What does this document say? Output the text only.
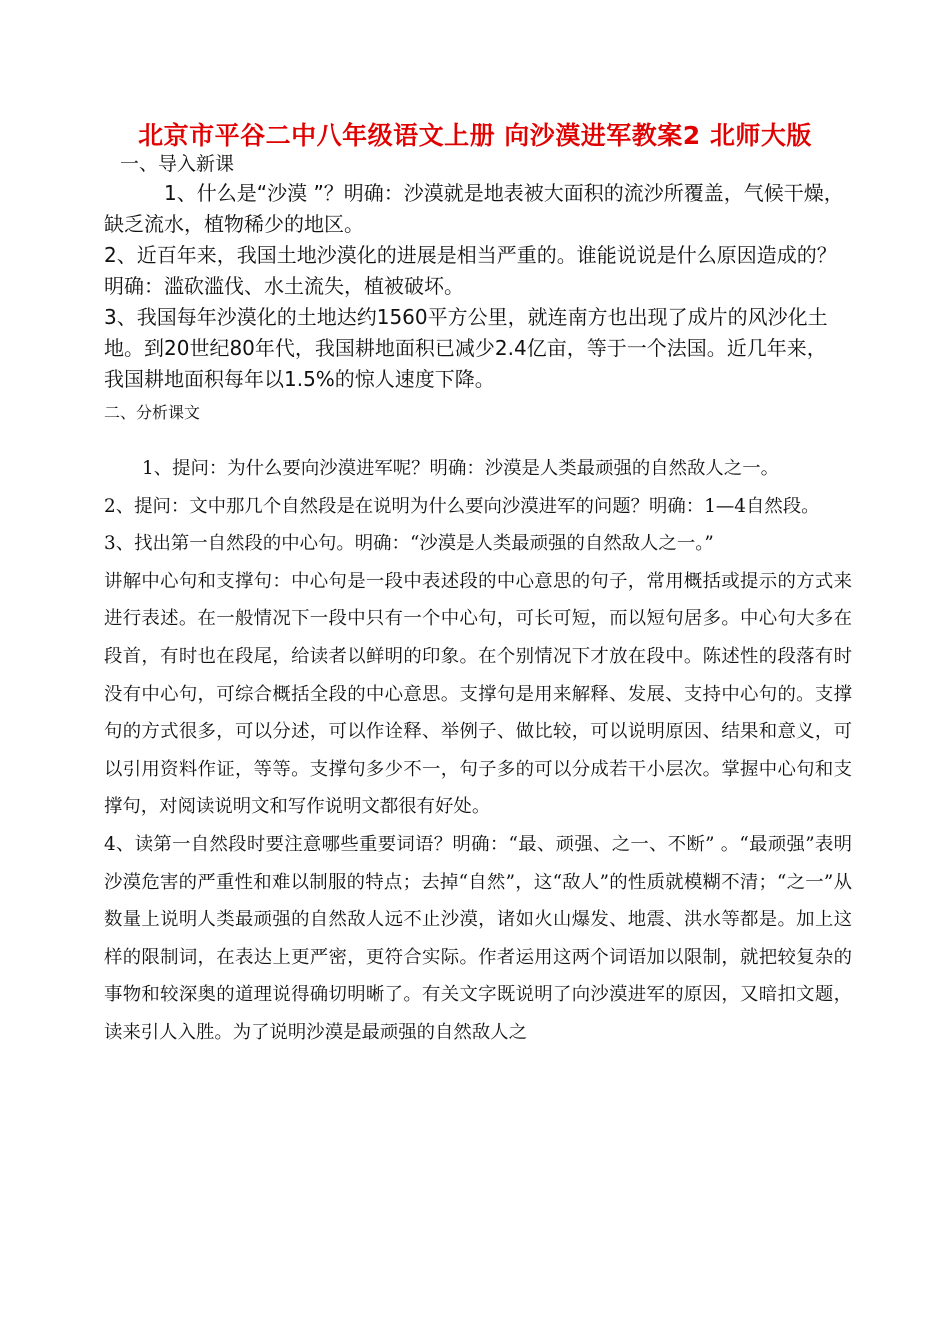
北京市平谷二中八年级语文上册 向沙漠进军教案2 北师大版

一、导入新课

1、什么是“沙漠 ”？明确：沙漠就是地表被大面积的流沙所覆盖，气候干燥，缺乏流水，植物稀少的地区。

2、近百年来，我国土地沙漠化的进展是相当严重的。谁能说说是什么原因造成的？明确：滥砍滥伐、水土流失，植被破坏。

3、我国每年沙漠化的土地达约1560平方公里，就连南方也出现了成片的风沙化土地。到20世纪80年代，我国耕地面积已减少2.4亿亩，等于一个法国。近几年来，我国耕地面积每年以1.5%的惊人速度下降。

二、分析课文

1、提问：为什么要向沙漠进军呢？明确：沙漠是人类最顽强的自然敌人之一。

2、提问：文中那几个自然段是在说明为什么要向沙漠进军的问题？明确：1—4自然段。

3、找出第一自然段的中心句。明确：“沙漠是人类最顽强的自然敌人之一。”

讲解中心句和支撑句：中心句是一段中表述段的中心意思的句子，常用概括或提示的方式来进行表述。在一般情况下一段中只有一个中心句，可长可短，而以短句居多。中心句大多在段首，有时也在段尾，给读者以鲜明的印象。在个别情况下才放在段中。陈述性的段落有时没有中心句，可综合概括全段的中心意思。支撑句是用来解释、发展、支持中心句的。支撑句的方式很多，可以分述，可以作诠释、举例子、做比较，可以说明原因、结果和意义，可以引用资料作证，等等。支撑句多少不一，句子多的可以分成若干小层次。掌握中心句和支撑句，对阅读说明文和写作说明文都很有好处。

4、读第一自然段时要注意哪些重要词语？明确：“最、顽强、之一、不断” 。“最顽强”表明沙漠危害的严重性和难以制服的特点；去掉“自然”，这“敌人”的性质就模糊不清；“之一”从数量上说明人类最顽强的自然敌人远不止沙漠，诸如火山爆发、地震、洪水等都是。加上这样的限制词，在表达上更严密，更符合实际。作者运用这两个词语加以限制，就把较复杂的事物和较深奥的道理说得确切明晰了。有关文字既说明了向沙漠进军的原因，又暗扣文题，读来引人入胜。为了说明沙漠是最顽强的自然敌人之
